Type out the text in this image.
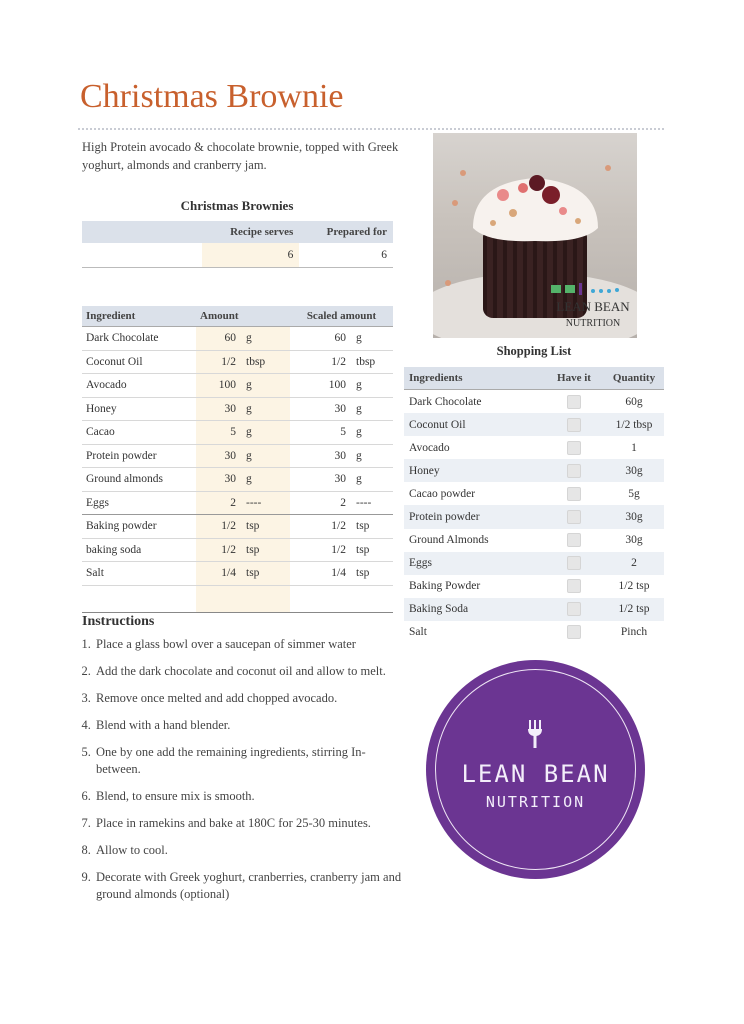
Christmas Brownie
High Protein avocado & chocolate brownie, topped with Greek yoghurt, almonds and cranberry jam.
Christmas Brownies
	Recipe serves	Prepared for
	6	6
Ingredient	Amount		Scaled amount	
Dark Chocolate	60	g	60	g
Coconut Oil	1/2	tbsp	1/2	tbsp
Avocado	100	g	100	g
Honey	30	g	30	g
Cacao	5	g	5	g
Protein powder	30	g	30	g
Ground almonds	30	g	30	g
Eggs	2	----	2	----
Baking powder	1/2	tsp	1/2	tsp
baking soda	1/2	tsp	1/2	tsp
Salt	1/4	tsp	1/4	tsp

Instructions
1. Place a glass bowl over a saucepan of simmer water
2. Add the dark chocolate and coconut oil and allow to melt.
3. Remove once melted and add chopped avocado.
4. Blend with a hand blender.
5. One by one add the remaining ingredients, stirring In-between.
6. Blend, to ensure mix is smooth.
7. Place in ramekins and bake at 180C for 25-30 minutes.
8. Allow to cool.
9. Decorate with Greek yoghurt, cranberries, cranberry jam and ground almonds (optional)
LEAN BEAN
NUTRITION
Shopping List
Ingredients	Have it	Quantity
Dark Chocolate		60g
Coconut Oil		1/2 tbsp
Avocado		1
Honey		30g
Cacao powder		5g
Protein powder		30g
Ground Almonds		30g
Eggs		2
Baking Powder		1/2 tsp
Baking Soda		1/2 tsp
Salt		Pinch
LEAN BEAN
NUTRITION
